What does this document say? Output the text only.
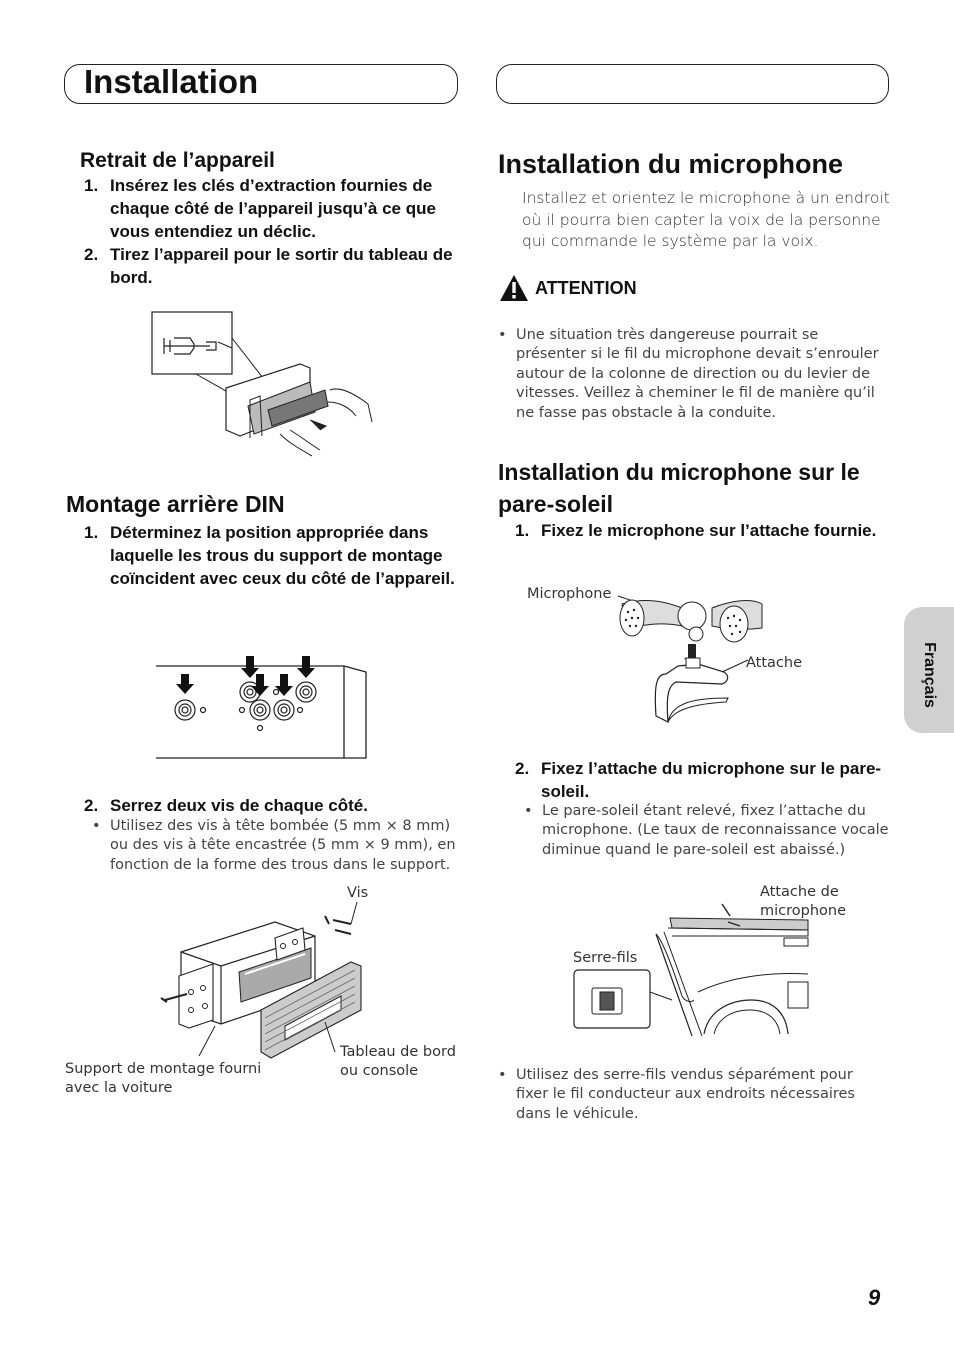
Installation
Retrait de l’appareil
1. Insérez les clés d’extraction fournies de chaque côté de l’appareil jusqu’à ce que vous entendiez un déclic.
2. Tirez l’appareil pour le sortir du tableau de bord.
Montage arrière DIN
1. Déterminez la position appropriée dans laquelle les trous du support de montage coïncident avec ceux du côté de l’appareil.
2. Serrez deux vis de chaque côté.
• Utilisez des vis à tête bombée (5 mm × 8 mm) ou des vis à tête encastrée (5 mm × 9 mm), en fonction de la forme des trous dans le support.
Vis
Support de montage fourni avec la voiture
Tableau de bord ou console
Installation du microphone
Installez et orientez le microphone à un endroit où il pourra bien capter la voix de la personne qui commande le système par la voix.
ATTENTION
• Une situation très dangereuse pourrait se présenter si le fil du microphone devait s’enrouler autour de la colonne de direction ou du levier de vitesses. Veillez à cheminer le fil de manière qu’il ne fasse pas obstacle à la conduite.
Installation du microphone sur le pare-soleil
1. Fixez le microphone sur l’attache fournie.
Microphone
Attache
2. Fixez l’attache du microphone sur le pare-soleil.
• Le pare-soleil étant relevé, fixez l’attache du microphone. (Le taux de reconnaissance vocale diminue quand le pare-soleil est abaissé.)
Attache de microphone
Serre-fils
• Utilisez des serre-fils vendus séparément pour fixer le fil conducteur aux endroits nécessaires dans le véhicule.
Français
9
